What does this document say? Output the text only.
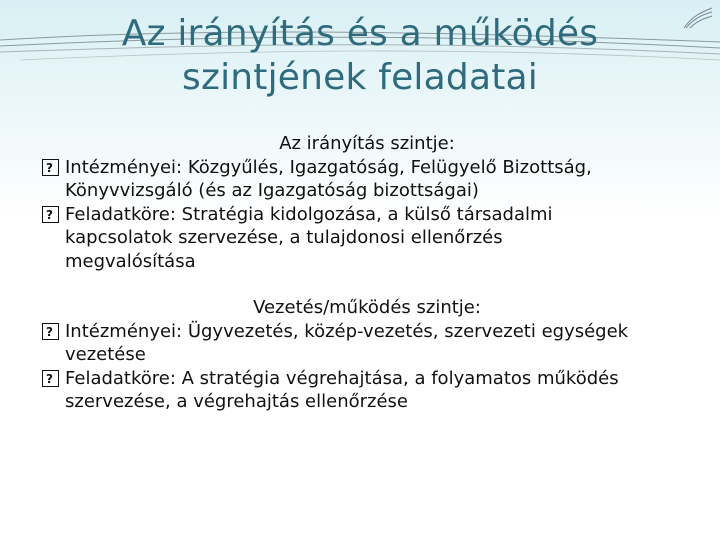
Az irányítás és a működés
szintjének feladatai

Az irányítás szintje:

?
Intézményei: Közgyűlés, Igazgatóság, Felügyelő Bizottság,
Könyvvizsgáló (és az Igazgatóság bizottságai)
?
Feladatköre: Stratégia kidolgozása, a külső társadalmi
kapcsolatok szervezése, a tulajdonosi ellenőrzés
megvalósítása

Vezetés/működés szintje:

?
Intézményei: Ügyvezetés, közép-vezetés, szervezeti egységek
vezetése
?
Feladatköre: A stratégia végrehajtása, a folyamatos működés
szervezése, a végrehajtás ellenőrzése
